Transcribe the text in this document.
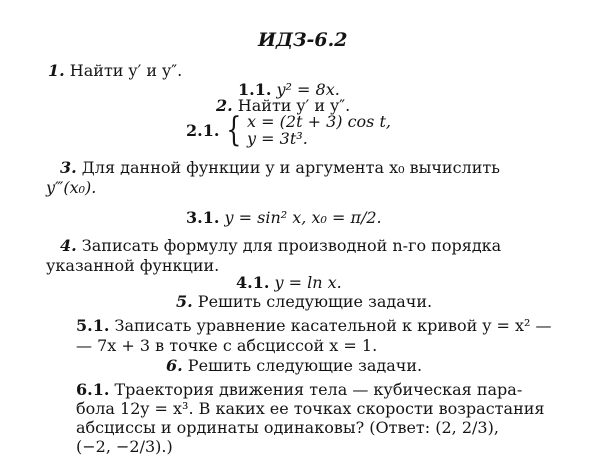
ИДЗ-6.2
1. Найти y′ и y″.
1.1. y² = 8x.
2. Найти y′ и y″.
2.1. { x = (2t + 3) cos t,
y = 3t³.
3. Для данной функции y и аргумента x₀ вычислить
y‴(x₀).
3.1. y = sin² x, x₀ = π/2.
4. Записать формулу для производной n-го порядка
указанной функции.
4.1. y = ln x.
5. Решить следующие задачи.
5.1. Записать уравнение касательной к кривой y = x² —
— 7x + 3 в точке с абсциссой x = 1.
6. Решить следующие задачи.
6.1. Траектория движения тела — кубическая пара-
бола 12y = x³. В каких ее точках скорости возрастания
абсциссы и ординаты одинаковы? (Ответ: (2, 2/3),
(−2, −2/3).)
